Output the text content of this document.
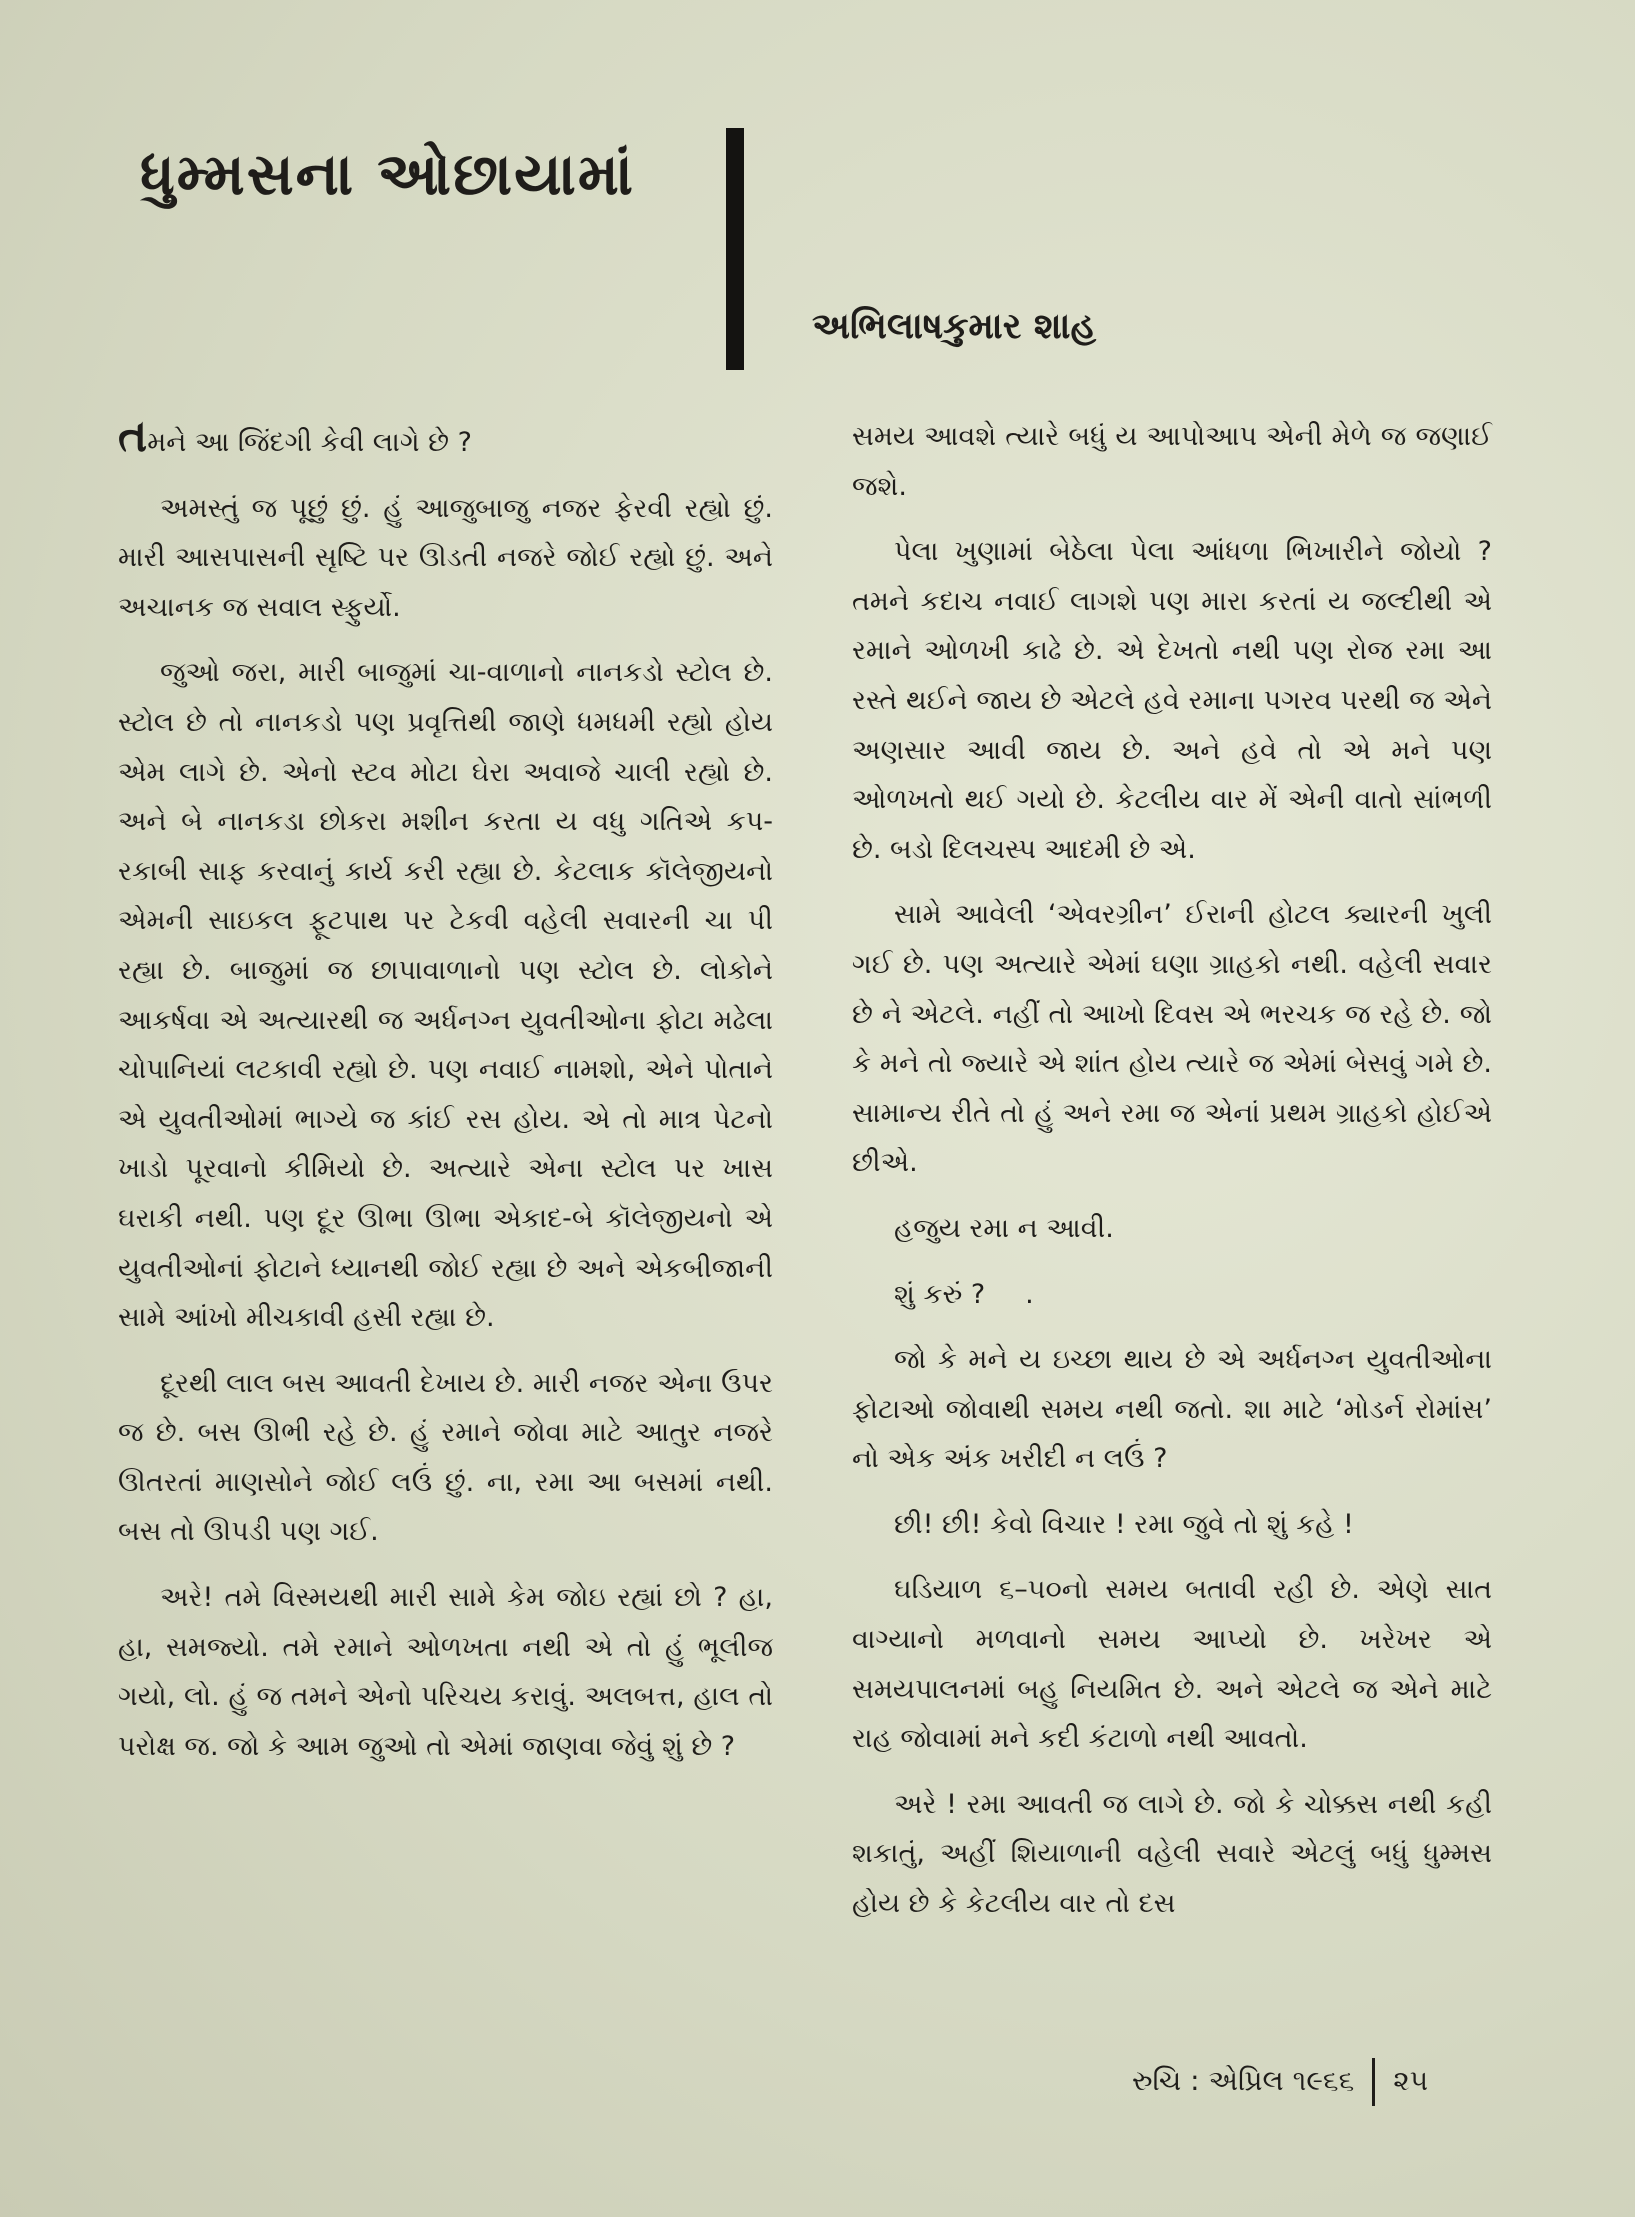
ધુમ્મસના ઓછાયામાં
અભિલાષકુમાર શાહ

તમને આ જિંદગી કેવી લાગે છે ?

અમસ્તું જ પૂછું છું. હું આજુબાજુ નજર ફેરવી રહ્યો છું. મારી આસપાસની સૃષ્ટિ પર ઊડતી નજરે જોઈ રહ્યો છું. અને અચાનક જ સવાલ સ્ફુર્યો.

જુઓ જરા, મારી બાજુમાં ચા-વાળાનો નાનકડો સ્ટોલ છે. સ્ટોલ છે તો નાનકડો પણ પ્રવૃત્તિથી જાણે ધમધમી રહ્યો હોય એમ લાગે છે. એનો સ્ટવ મોટા ઘેરા અવાજે ચાલી રહ્યો છે. અને બે નાનકડા છોકરા મશીન કરતા ય વધુ ગતિએ કપ-રકાબી સાફ કરવાનું કાર્ય કરી રહ્યા છે. કેટલાક કૉલેજીયનો એમની સાઇકલ ફૂટપાથ પર ટેકવી વહેલી સવારની ચા પી રહ્યા છે. બાજુમાં જ છાપાવાળાનો પણ સ્ટોલ છે. લોકોને આકર્ષવા એ અત્યારથી જ અર્ધનગ્ન યુવતીઓના ફોટા મઢેલા ચોપાનિયાં લટકાવી રહ્યો છે. પણ નવાઈ નામશો, એને પોતાને એ યુવતીઓમાં ભાગ્યે જ કાંઈ રસ હોય. એ તો માત્ર પેટનો ખાડો પૂરવાનો કીમિયો છે. અત્યારે એના સ્ટોલ પર ખાસ ઘરાકી નથી. પણ દૂર ઊભા ઊભા એકાદ-બે કૉલેજીયનો એ યુવતીઓનાં ફોટાને ધ્યાનથી જોઈ રહ્યા છે અને એકબીજાની સામે આંખો મીચકાવી હસી રહ્યા છે.

દૂરથી લાલ બસ આવતી દેખાય છે. મારી નજર એના ઉપર જ છે. બસ ઊભી રહે છે. હું રમાને જોવા માટે આતુર નજરે ઊતરતાં માણસોને જોઈ લઉં છું. ના, રમા આ બસમાં નથી. બસ તો ઊપડી પણ ગઈ.

અરે! તમે વિસ્મયથી મારી સામે કેમ જોઇ રહ્યાં છો ? હા, હા, સમજ્યો. તમે રમાને ઓળખતા નથી એ તો હું ભૂલીજ ગયો, લો. હું જ તમને એનો પરિચય કરાવું. અલબત્ત, હાલ તો પરોક્ષ જ. જો કે આમ જુઓ તો એમાં જાણવા જેવું શું છે ?

સમય આવશે ત્યારે બધું ય આપોઆપ એની મેળે જ જણાઈ જશે.

પેલા ખુણામાં બેઠેલા પેલા આંધળા ભિખારીને જોયો ? તમને કદાચ નવાઈ લાગશે પણ મારા કરતાં ય જલ્દીથી એ રમાને ઓળખી કાઢે છે. એ દેખતો નથી પણ રોજ રમા આ રસ્તે થઈને જાય છે એટલે હવે રમાના પગરવ પરથી જ એને અણસાર આવી જાય છે. અને હવે તો એ મને પણ ઓળખતો થઈ ગયો છે. કેટલીય વાર મેં એની વાતો સાંભળી છે. બડો દિલચસ્પ આદમી છે એ.

સામે આવેલી ‘એવરગ્રીન’ ઈરાની હોટલ ક્યારની ખુલી ગઈ છે. પણ અત્યારે એમાં ઘણા ગ્રાહકો નથી. વહેલી સવાર છે ને એટલે. નહીં તો આખો દિવસ એ ભરચક જ રહે છે. જો કે મને તો જ્યારે એ શાંત હોય ત્યારે જ એમાં બેસવું ગમે છે. સામાન્ય રીતે તો હું અને રમા જ એનાં પ્રથમ ગ્રાહકો હોઈએ છીએ.

હજુય રમા ન આવી.

શું કરું ? .

જો કે મને ય ઇચ્છા થાય છે એ અર્ધનગ્ન યુવતીઓના ફોટાઓ જોવાથી સમય નથી જતો. શા માટે ‘મોડર્ન રોમાંસ’ નો એક અંક ખરીદી ન લઉં ?

છી! છી! કેવો વિચાર ! રમા જુવે તો શું કહે !

ઘડિયાળ ૬–૫૦નો સમય બતાવી રહી છે. એણે સાત વાગ્યાનો મળવાનો સમય આપ્યો છે. ખરેખર એ સમયપાલનમાં બહુ નિયમિત છે. અને એટલે જ એને માટે રાહ જોવામાં મને કદી કંટાળો નથી આવતો.

અરે ! રમા આવતી જ લાગે છે. જો કે ચોક્કસ નથી કહી શકાતું, અહીં શિયાળાની વહેલી સવારે એટલું બધું ધુમ્મસ હોય છે કે કેટલીય વાર તો દસ

રુચિ : એપ્રિલ ૧૯૬૬ ૨૫
